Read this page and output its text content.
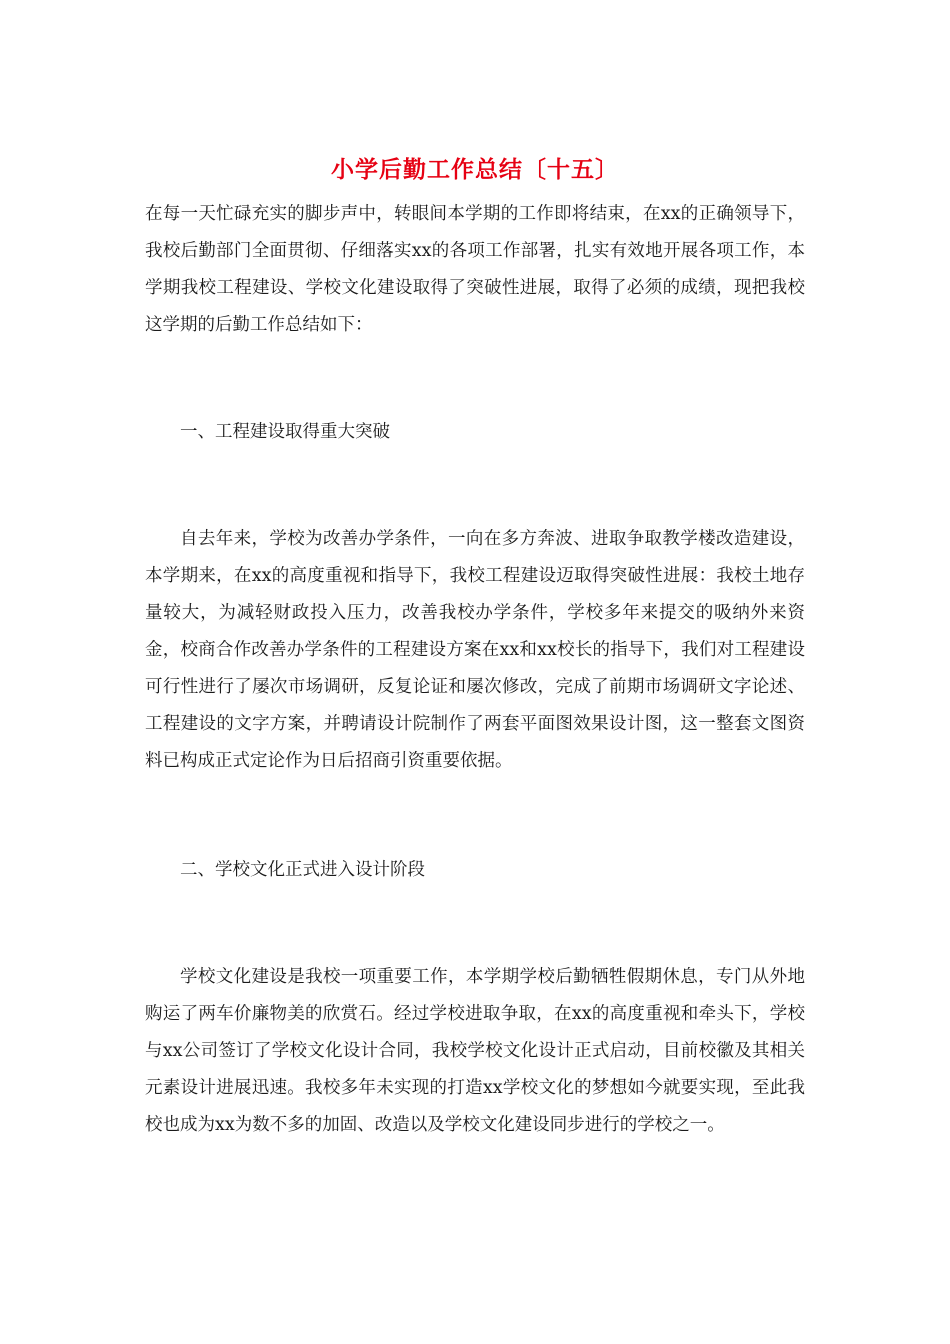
小学后勤工作总结〔十五〕

在每一天忙碌充实的脚步声中，转眼间本学期的工作即将结束，在xx的正确领导下，我校后勤部门全面贯彻、仔细落实xx的各项工作部署，扎实有效地开展各项工作，本学期我校工程建设、学校文化建设取得了突破性进展，取得了必须的成绩，现把我校这学期的后勤工作总结如下：

一、工程建设取得重大突破

自去年来，学校为改善办学条件，一向在多方奔波、进取争取教学楼改造建设，本学期来，在xx的高度重视和指导下，我校工程建设迈取得突破性进展：我校土地存量较大，为减轻财政投入压力，改善我校办学条件，学校多年来提交的吸纳外来资金，校商合作改善办学条件的工程建设方案在xx和xx校长的指导下，我们对工程建设可行性进行了屡次市场调研，反复论证和屡次修改，完成了前期市场调研文字论述、工程建设的文字方案，并聘请设计院制作了两套平面图效果设计图，这一整套文图资料已构成正式定论作为日后招商引资重要依据。

二、学校文化正式进入设计阶段

学校文化建设是我校一项重要工作，本学期学校后勤牺牲假期休息，专门从外地购运了两车价廉物美的欣赏石。经过学校进取争取，在xx的高度重视和牵头下，学校与xx公司签订了学校文化设计合同，我校学校文化设计正式启动，目前校徽及其相关元素设计进展迅速。我校多年未实现的打造xx学校文化的梦想如今就要实现，至此我校也成为xx为数不多的加固、改造以及学校文化建设同步进行的学校之一。
